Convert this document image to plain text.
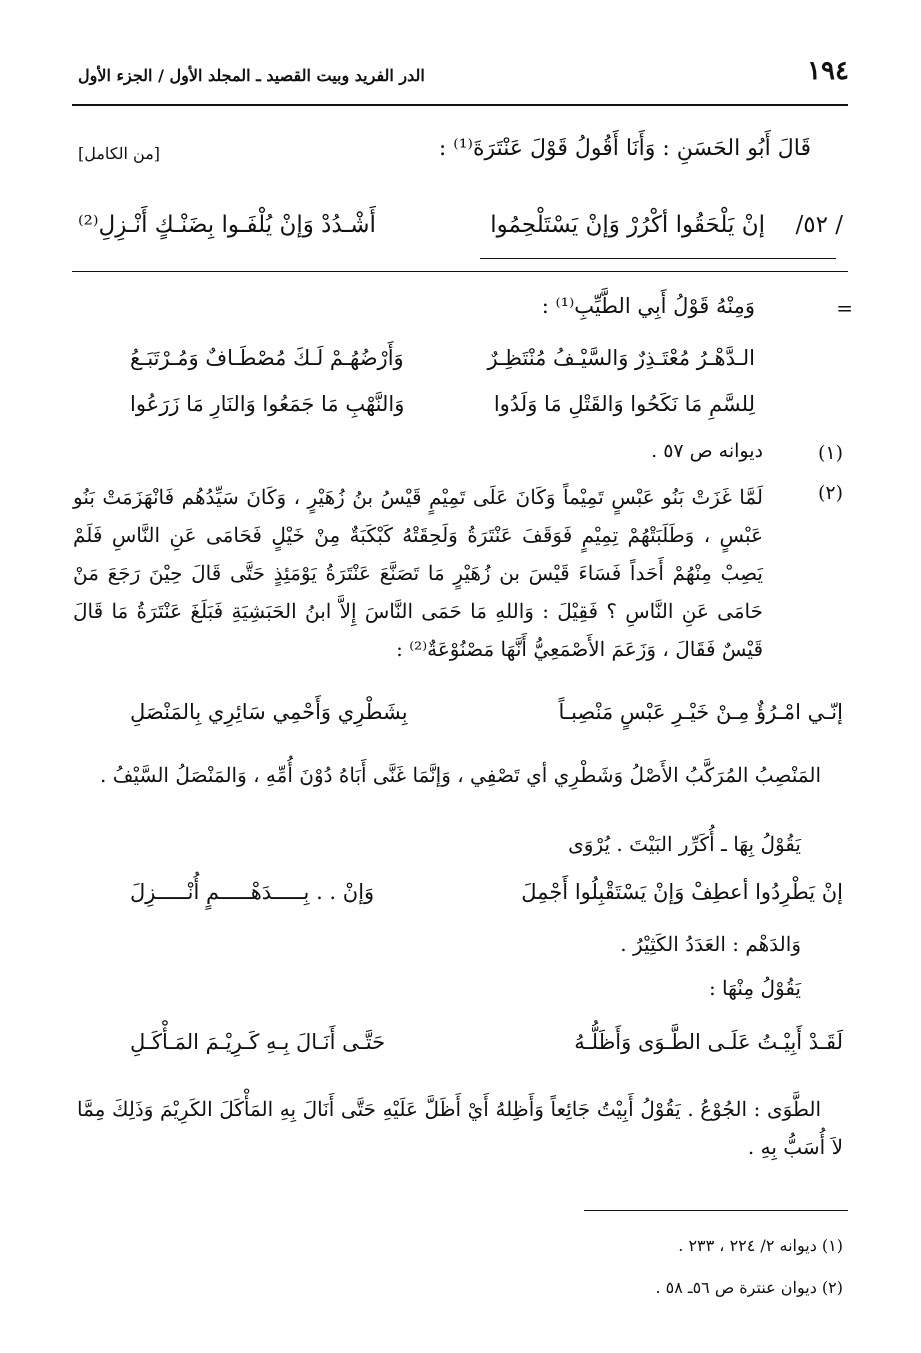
١٩٤
الدر الفريد وبيت القصيد ـ المجلد الأول / الجزء الأول
قَالَ أَبُو الحَسَنِ : وَأَنَا أَقُولُ قَوْلَ عَنْتَرَةَ⁽¹⁾ :
[من الكامل]
/ ٥٢/
إنْ يَلْحَقُوا أكْرُرْ وَإنْ يَسْتَلْحِمُوا
أَشْـدُدْ وَإنْ يُلْفَـوا بِضَنْـكٍ أَنْـزِلِ⁽²⁾
=
وَمِنْهُ قَوْلُ أَبِي الطَّيِّبِ⁽¹⁾ :
الـدَّهْـرُ مُعْتَـذِرٌ وَالسَّيْـفُ مُنْتَظِـرٌ
وَأَرْضُهُـمْ لَـكَ مُصْطَـافٌ وَمُـرْتَبَـعُ
لِلسَّمِ مَا نَكَحُوا وَالقَتْلِ مَا وَلَدُوا
وَالنَّهْبِ مَا جَمَعُوا وَالنَارِ مَا زَرَعُوا
(١)
ديوانه ص ٥٧ .
(٢)
لَمَّا غَزَتْ بَنُو عَبْسٍ تَمِيْماً وَكَانَ عَلَى تَمِيْمٍ قَيْسُ بنُ زُهَيْرٍ ، وَكَانَ سَيِّدُهُم فَانْهَزَمَتْ بَنُو عَبْسٍ ، وَطَلَبَتْهُمْ تِمِيْمٍ فَوَقَفَ عَنْتَرَةُ وَلَحِقَتْهُ كَبْكَبَةٌ مِنْ خَيْلٍ فَحَامَى عَنِ النَّاسِ فَلَمْ يَصِبْ مِنْهُمْ أَحَداً فَسَاءَ قَيْسَ بن زُهَيْرٍ مَا تَصَنَّعَ عَنْتَرَةُ يَوْمَئِذٍ حَتَّى قَالَ حِيْنَ رَجَعَ مَنْ حَامَى عَنِ النَّاسِ ؟ فَقِيْلَ : وَاللهِ مَا حَمَى النَّاسَ إِلاَّ ابنُ الحَبَشِيَةِ فَبَلَغَ عَنْتَرَةُ مَا قَالَ قَيْسٌ فَقَالَ ، وَزَعَمَ الأَصْمَعِيُّ أَنَّهَا مَصْنُوْعَةٌ⁽²⁾ :
إنّـي امْـرُؤٌ مِـنْ خَيْـرِ عَبْسٍ مَنْصِبـاً
بِشَطْرِي وَأَحْمِي سَائِرِي بِالمَنْصَلِ
المَنْصِبُ المُرَكَّبُ الأَصْلُ وَشَطْرِي أي تَصْفِي ، وَإنَّمَا غَنَّى أَبَاهُ دُوْنَ أُمِّهِ ، وَالمَنْصَلُ السَّيْفُ .
يَقُوْلُ بِهَا ـ أُكَرِّر البَيْتَ . يُرْوَى
إنْ يَطْرِدُوا أعطِفْ وَإنْ يَسْتَقْبِلُوا أَجْمِلَ
وَإنْ . . بِـــــدَهْـــــمٍ أُنْـــــزِلَ
وَالدَهْم : العَدَدُ الكَثِيْرُ .
يَقُوْلُ مِنْهَا :
لَقَـدْ أَبِيْـتُ عَلَـى الطَّـوَى وَأَظَلُّـهُ
حَتَّـى أَنَـالَ بِـهِ كَـرِيْـمَ المَـأْكَـلِ
الطَّوَى : الجُوْعُ . يَقُوْلُ أَبِيْتُ جَائِعاً وَأَظِلهُ أَيْ أَظَلَّ عَلَيْهِ حَتَّى أَنَالَ بِهِ المَأْكَلَ الكَرِيْمَ وَذَلِكَ مِمَّا لاَ أُسَبُّ بِهِ .
(١) ديوانه ٢/ ٢٢٤ ، ٢٣٣ .
(٢) ديوان عنترة ص ٥٦ـ ٥٨ .
